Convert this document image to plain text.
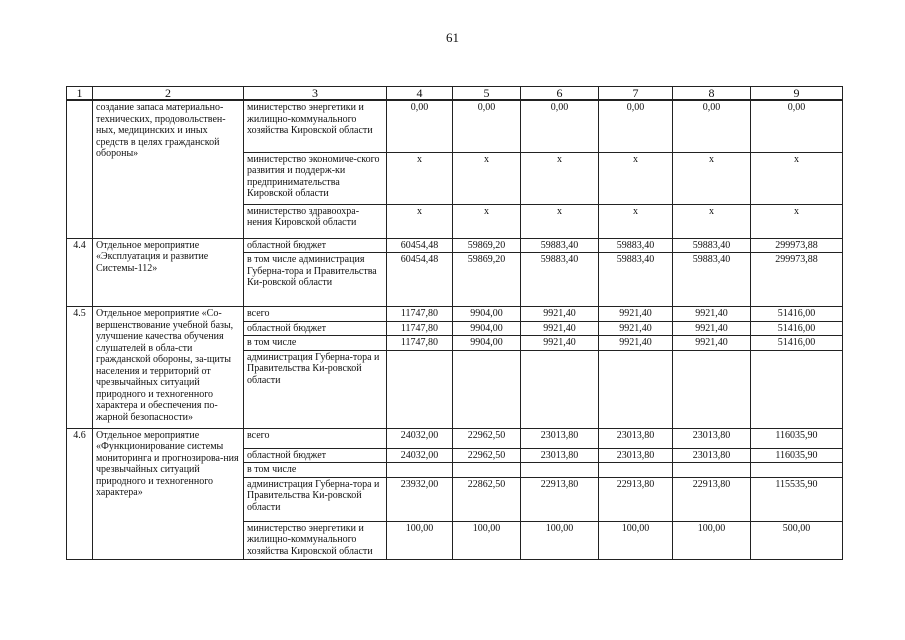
61
1	2	3	4	5	6	7	8	9
	создание запаса материально-технических, продовольствен-ных, медицинских и иных средств в целях гражданской обороны»	министерство энергетики и жилищно-коммунального хозяйства Кировской области	0,00	0,00	0,00	0,00	0,00	0,00
		министерство экономиче-ского развития и поддерж-ки предпринимательства Кировской области	x	x	x	x	x	x
		министерство здравоохра-нения Кировской области	x	x	x	x	x	x
4.4	Отдельное мероприятие «Эксплуатация и развитие Системы-112»	областной бюджет	60454,48	59869,20	59883,40	59883,40	59883,40	299973,88
		в том числе администрация Губерна-тора и Правительства Ки-ровской области	60454,48	59869,20	59883,40	59883,40	59883,40	299973,88
4.5	Отдельное мероприятие «Со-вершенствование учебной базы, улучшение качества обучения слушателей в обла-сти гражданской обороны, за-щиты населения и территорий от чрезвычайных ситуаций природного и техногенного характера и обеспечения по-жарной безопасности»	всего	11747,80	9904,00	9921,40	9921,40	9921,40	51416,00
		областной бюджет	11747,80	9904,00	9921,40	9921,40	9921,40	51416,00
		в том числе	11747,80	9904,00	9921,40	9921,40	9921,40	51416,00
		администрация Губерна-тора и Правительства Ки-ровской области						
4.6	Отдельное мероприятие «Функционирование системы мониторинга и прогнозирова-ния чрезвычайных ситуаций природного и техногенного характера»	всего	24032,00	22962,50	23013,80	23013,80	23013,80	116035,90
		областной бюджет	24032,00	22962,50	23013,80	23013,80	23013,80	116035,90
		в том числе						
		администрация Губерна-тора и Правительства Ки-ровской области	23932,00	22862,50	22913,80	22913,80	22913,80	115535,90
		министерство энергетики и жилищно-коммунального хозяйства Кировской области	100,00	100,00	100,00	100,00	100,00	500,00
